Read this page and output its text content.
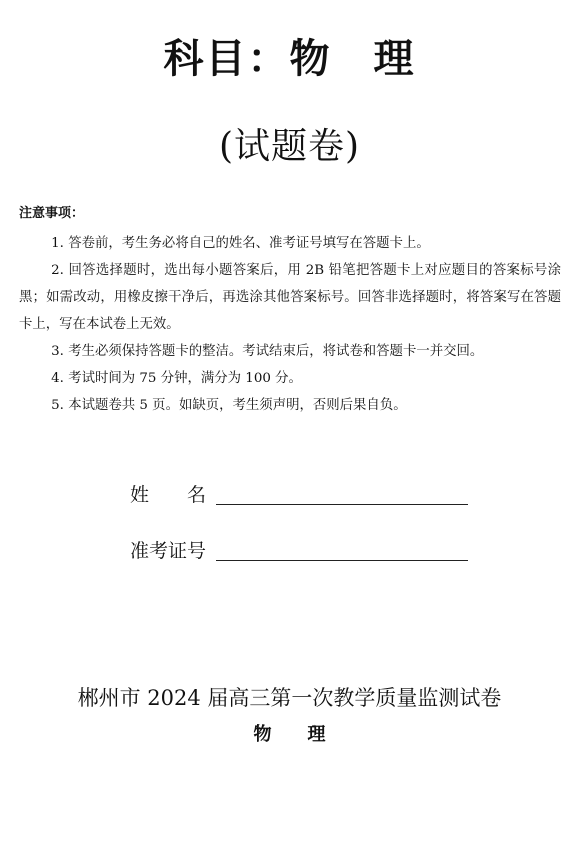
科目：物　理
(试题卷)
注意事项：

1. 答卷前，考生务必将自己的姓名、准考证号填写在答题卡上。

2. 回答选择题时，选出每小题答案后，用 2B 铅笔把答题卡上对应题目的答案标号涂黑；如需改动，用橡皮擦干净后，再选涂其他答案标号。回答非选择题时，将答案写在答题卡上，写在本试卷上无效。

3. 考生必须保持答题卡的整洁。考试结束后，将试卷和答题卡一并交回。

4. 考试时间为 75 分钟，满分为 100 分。

5. 本试题卷共 5 页。如缺页，考生须声明，否则后果自负。

姓　　名
准考证号
郴州市 2024 届高三第一次教学质量监测试卷
物　　理
